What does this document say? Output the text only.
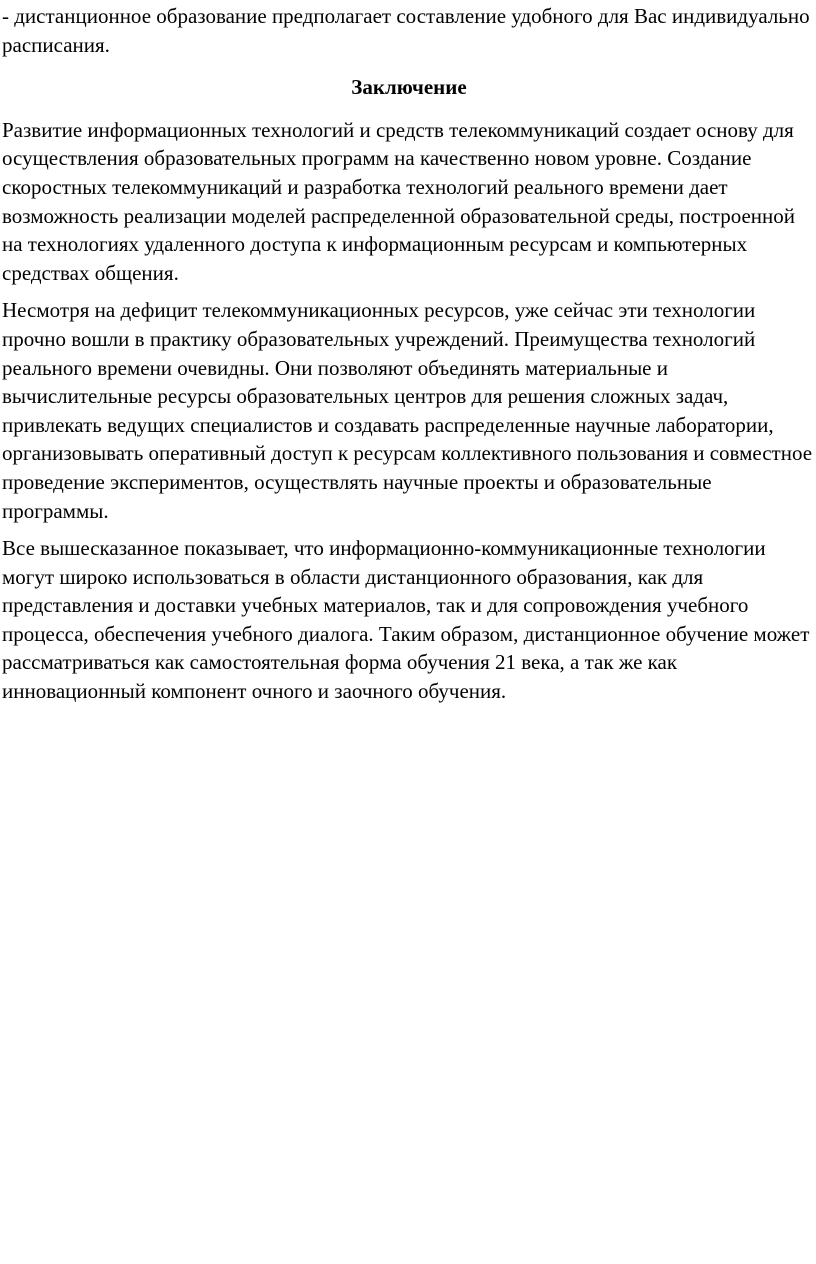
- дистанционное образование предполагает составление удобного для Вас индивидуально расписания.

Заключение

Развитие информационных технологий и средств телекоммуникаций создает основу для осуществления образовательных программ на качественно новом уровне. Создание скоростных телекоммуникаций и разработка технологий реального времени дает возможность реализации моделей распределенной образовательной среды, построенной на технологиях удаленного доступа к информационным ресурсам и компьютерных средствах общения.

Несмотря на дефицит телекоммуникационных ресурсов, уже сейчас эти технологии прочно вошли в практику образовательных учреждений. Преимущества технологий реального времени очевидны. Они позволяют объединять материальные и вычислительные ресурсы образовательных центров для решения сложных задач, привлекать ведущих специалистов и создавать распределенные научные лаборатории, организовывать оперативный доступ к ресурсам коллективного пользования и совместное проведение экспериментов, осуществлять научные проекты и образовательные программы.

Все вышесказанное показывает, что информационно-коммуникационные технологии могут широко использоваться в области дистанционного образования, как для представления и доставки учебных материалов, так и для сопровождения учебного процесса, обеспечения учебного диалога. Таким образом, дистанционное обучение может рассматриваться как самостоятельная форма обучения 21 века, а так же как инновационный компонент очного и заочного обучения.
